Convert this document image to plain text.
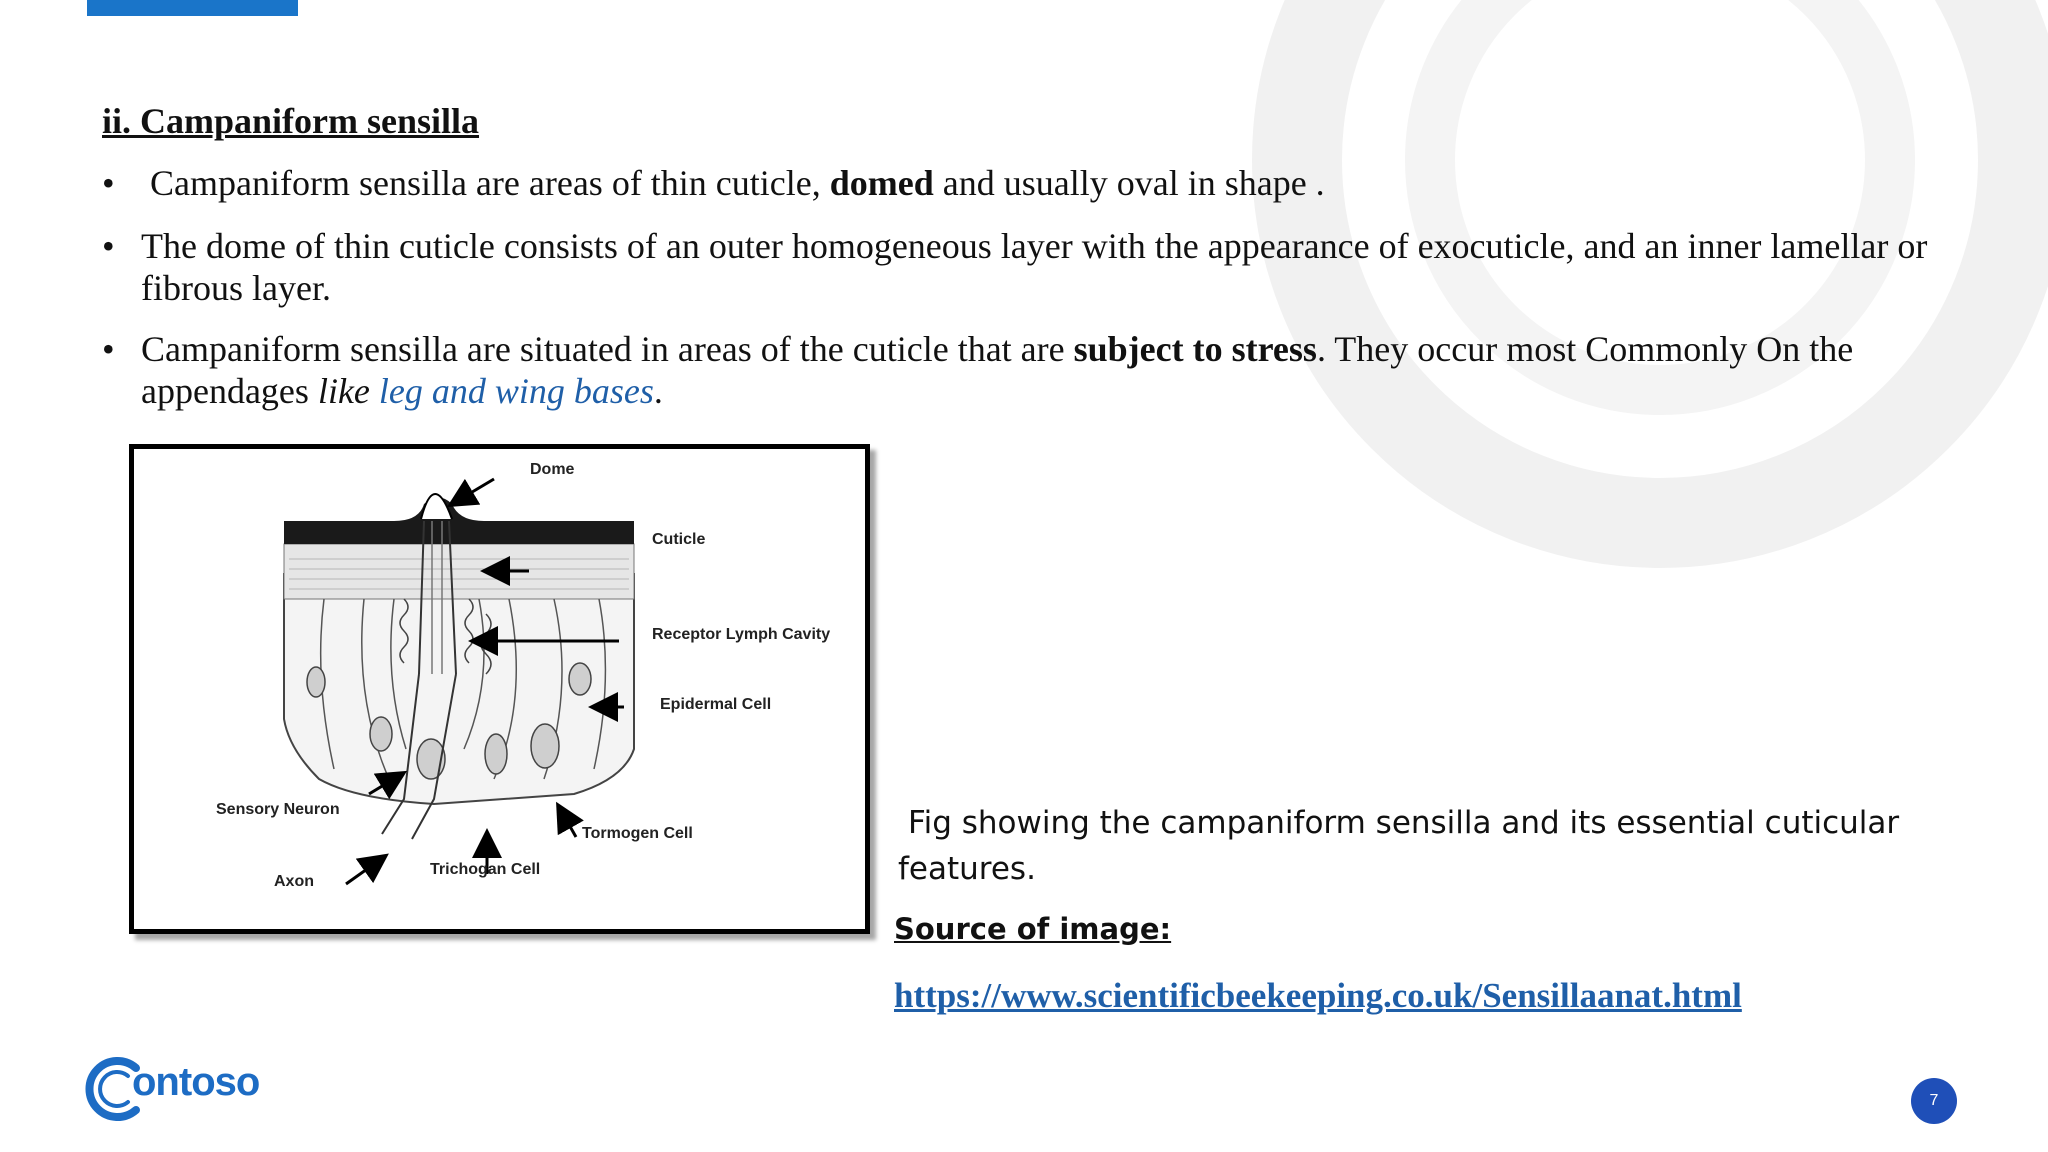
ii. Campaniform sensilla
• Campaniform sensilla are areas of thin cuticle, domed and usually oval in shape .
• The dome of thin cuticle consists of an outer homogeneous layer with the appearance of exocuticle, and an inner lamellar or fibrous layer.
• Campaniform sensilla are situated in areas of the cuticle that are subject to stress. They occur most Commonly On the appendages like leg and wing bases.
Dome
Cuticle
Receptor Lymph Cavity
Epidermal Cell
Sensory Neuron
Tormogen Cell
Axon
Trichogan Cell
Fig showing the campaniform sensilla and its essential cuticular
features.
Source of image:
https://www.scientificbeekeeping.co.uk/Sensillaanat.html
ontoso	7
